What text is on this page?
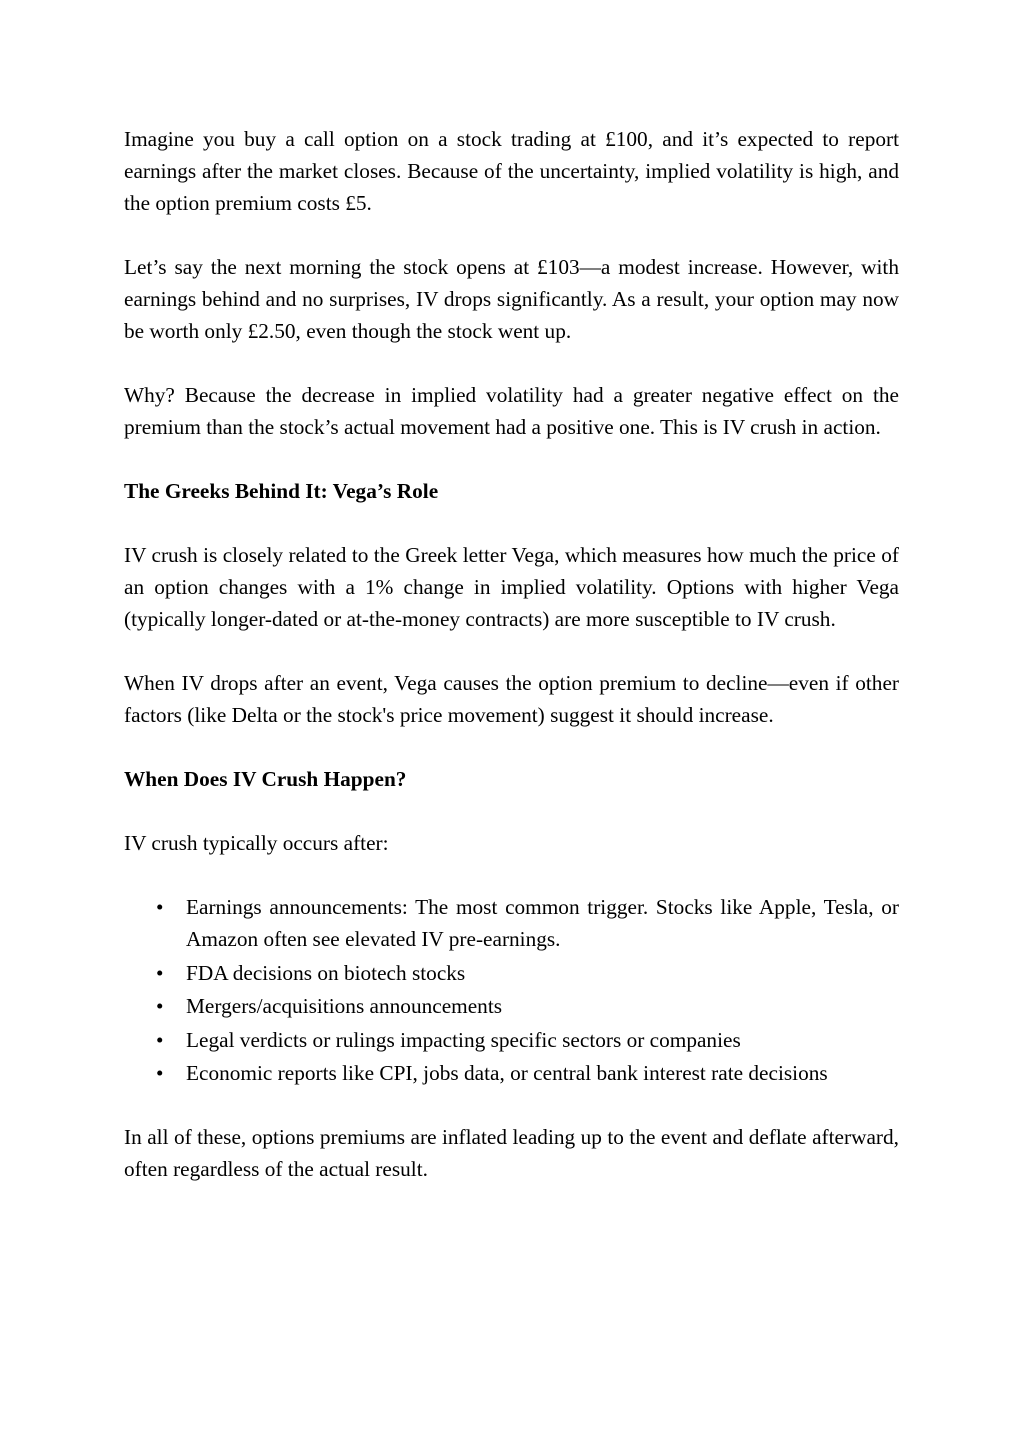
Imagine you buy a call option on a stock trading at £100, and it’s expected to report earnings after the market closes. Because of the uncertainty, implied volatility is high, and the option premium costs £5.

Let’s say the next morning the stock opens at £103—a modest increase. However, with earnings behind and no surprises, IV drops significantly. As a result, your option may now be worth only £2.50, even though the stock went up.

Why? Because the decrease in implied volatility had a greater negative effect on the premium than the stock’s actual movement had a positive one. This is IV crush in action.

The Greeks Behind It: Vega’s Role

IV crush is closely related to the Greek letter Vega, which measures how much the price of an option changes with a 1% change in implied volatility. Options with higher Vega (typically longer-dated or at-the-money contracts) are more susceptible to IV crush.

When IV drops after an event, Vega causes the option premium to decline—even if other factors (like Delta or the stock's price movement) suggest it should increase.

When Does IV Crush Happen?

IV crush typically occurs after:

• Earnings announcements: The most common trigger. Stocks like Apple, Tesla, or Amazon often see elevated IV pre-earnings.
• FDA decisions on biotech stocks
• Mergers/acquisitions announcements
• Legal verdicts or rulings impacting specific sectors or companies
• Economic reports like CPI, jobs data, or central bank interest rate decisions

In all of these, options premiums are inflated leading up to the event and deflate afterward, often regardless of the actual result.
